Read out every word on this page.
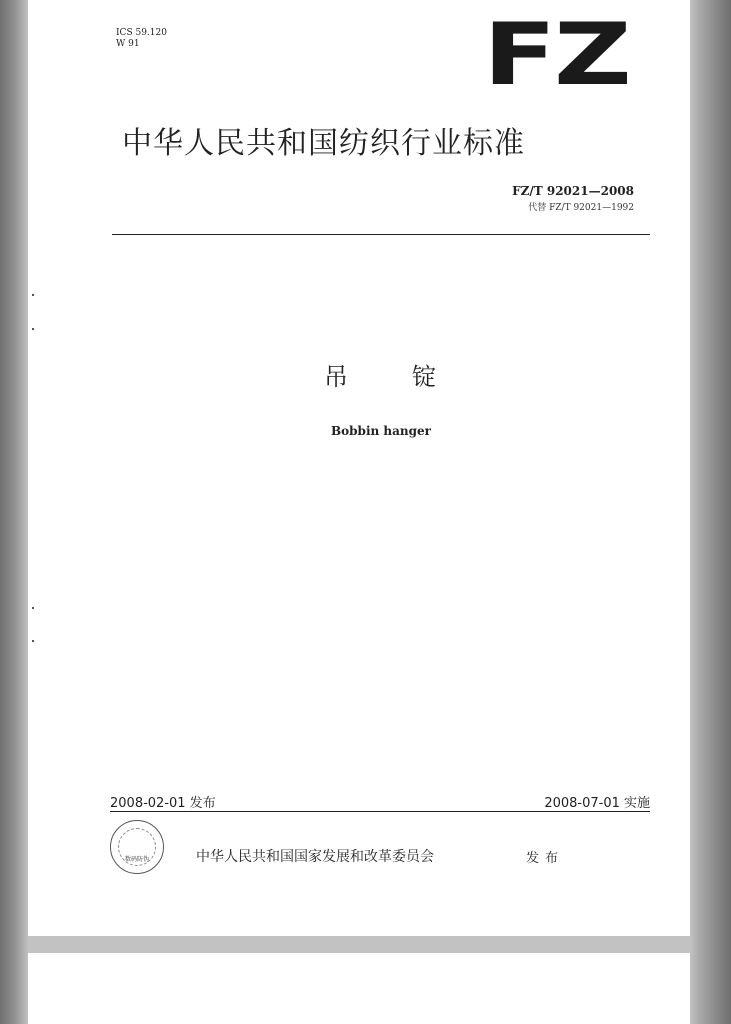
ICS 59.120
W 91	FZ
中华人民共和国纺织行业标准
FZ/T 92021—2008
代替 FZ/T 92021—1992
吊锭
Bobbin hanger
2008-02-01 发布	2008-07-01 实施
数码防伪	中华人民共和国国家发展和改革委员会	发布
